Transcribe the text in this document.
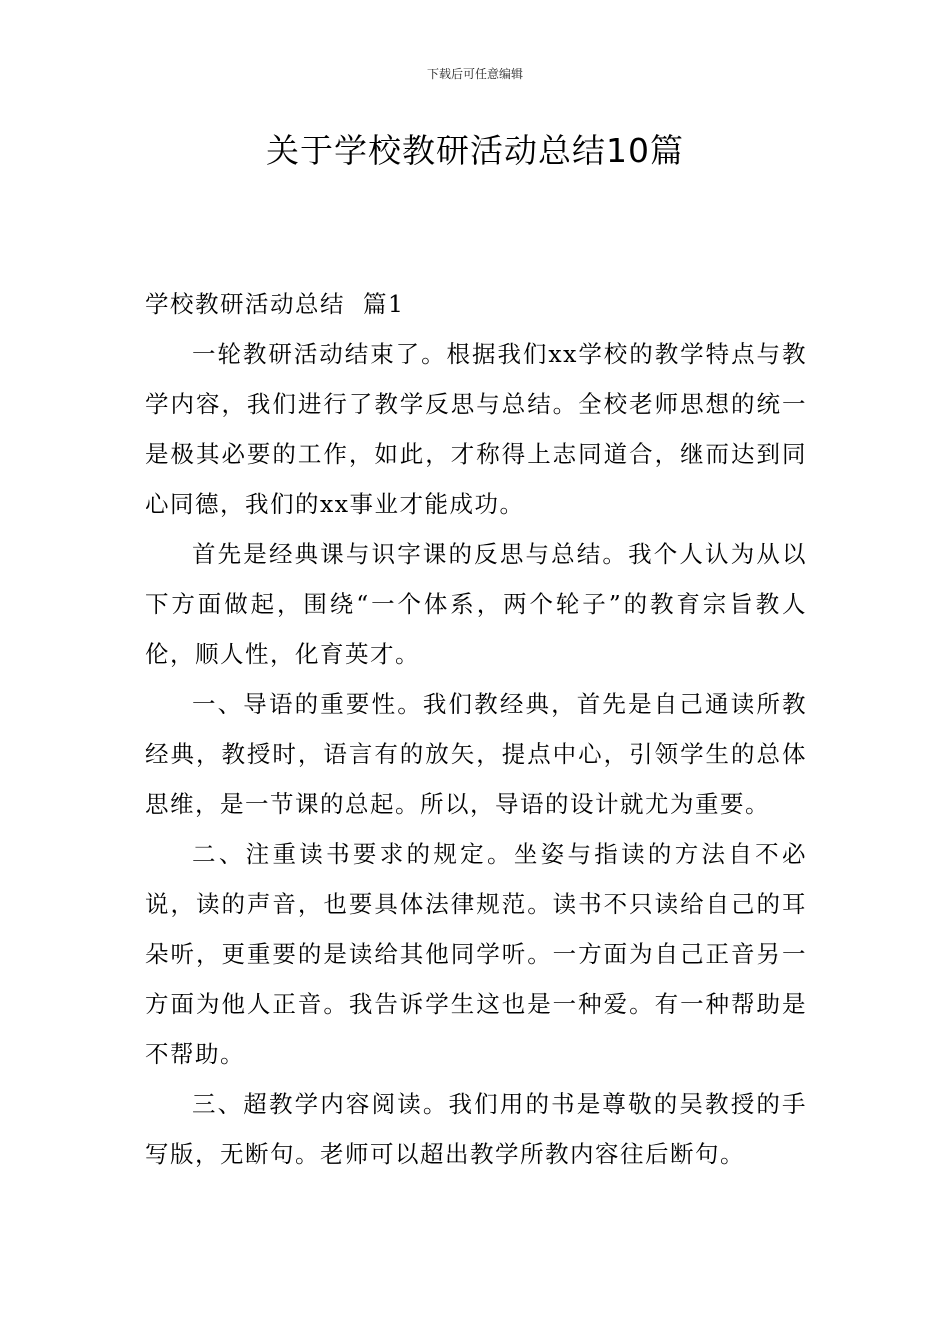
下载后可任意编辑
关于学校教研活动总结10篇

学校教研活动总结  篇1

一轮教研活动结束了。根据我们xx学校的教学特点与教学内容，我们进行了教学反思与总结。全校老师思想的统一是极其必要的工作，如此，才称得上志同道合，继而达到同心同德，我们的xx事业才能成功。

首先是经典课与识字课的反思与总结。我个人认为从以下方面做起，围绕“一个体系，两个轮子”的教育宗旨教人伦，顺人性，化育英才。

一、导语的重要性。我们教经典，首先是自己通读所教经典，教授时，语言有的放矢，提点中心，引领学生的总体思维，是一节课的总起。所以，导语的设计就尤为重要。

二、注重读书要求的规定。坐姿与指读的方法自不必说，读的声音，也要具体法律规范。读书不只读给自己的耳朵听，更重要的是读给其他同学听。一方面为自己正音另一方面为他人正音。我告诉学生这也是一种爱。有一种帮助是不帮助。

三、超教学内容阅读。我们用的书是尊敬的吴教授的手写版，无断句。老师可以超出教学所教内容往后断句。
